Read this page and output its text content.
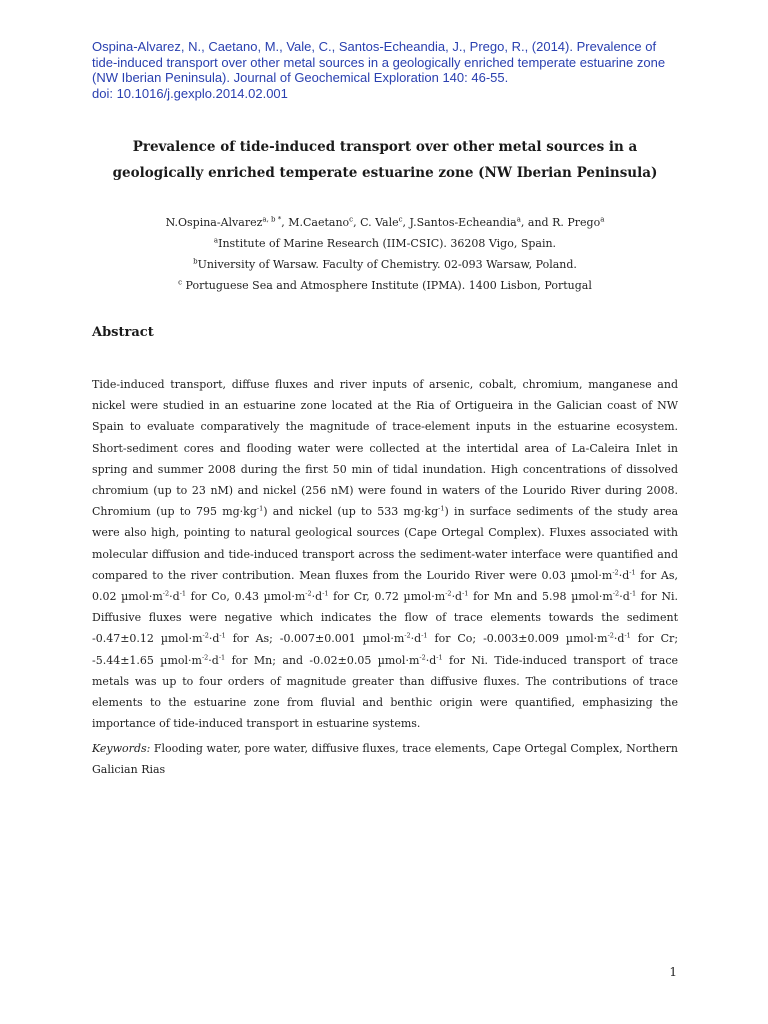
Ospina-Alvarez, N., Caetano, M., Vale, C., Santos-Echeandia, J., Prego, R., (2014). Prevalence of
tide-induced transport over other metal sources in a geologically enriched temperate estuarine zone
(NW Iberian Peninsula). Journal of Geochemical Exploration 140: 46-55.
doi: 10.1016/j.gexplo.2014.02.001
Prevalence of tide-induced transport over other metal sources in a
geologically enriched temperate estuarine zone (NW Iberian Peninsula)
N.Ospina-Alvarez$^{a, b *}$, M.Caetano$^c$, C. Vale$^c$, J.Santos-Echeandia$^a$, and R. Prego$^a$
$^a$Institute of Marine Research (IIM-CSIC). 36208 Vigo, Spain.
$^b$University of Warsaw. Faculty of Chemistry. 02-093 Warsaw, Poland.
$^c$ Portuguese Sea and Atmosphere Institute (IPMA). 1400 Lisbon, Portugal
Abstract
Tide-induced transport, diffuse fluxes and river inputs of arsenic, cobalt, chromium, manganese and nickel were studied in an estuarine zone located at the Ria of Ortigueira in the Galician coast of NW Spain to evaluate comparatively the magnitude of trace-element inputs in the estuarine ecosystem. Short-sediment cores and flooding water were collected at the intertidal area of La-Caleira Inlet in spring and summer 2008 during the first 50 min of tidal inundation. High concentrations of dissolved chromium (up to 23 nM) and nickel (256 nM) were found in waters of the Lourido River during 2008. Chromium (up to 795 $mg\cdot kg^{-1}$) and nickel (up to 533 $mg\cdot kg^{-1}$) in surface sediments of the study area were also high, pointing to natural geological sources (Cape Ortegal Complex). Fluxes associated with molecular diffusion and tide-induced transport across the sediment-water interface were quantified and compared to the river contribution. Mean fluxes from the Lourido River were 0.03 $\mu mol\cdot m^{-2}\cdot d^{-1}$ for As, 0.02 $\mu mol\cdot m^{-2}\cdot d^{-1}$ for Co, 0.43 $\mu mol\cdot m^{-2}\cdot d^{-1}$ for Cr, 0.72 $\mu mol\cdot m^{-2}\cdot d^{-1}$ for Mn and 5.98 $\mu mol\cdot m^{-2}\cdot d^{-1}$ for Ni. Diffusive fluxes were negative which indicates the flow of trace elements towards the sediment -0.47±0.12 $\mu mol\cdot m^{-2}\cdot d^{-1}$ for As; -0.007±0.001 $\mu mol\cdot m^{-2}\cdot d^{-1}$ for Co; -0.003±0.009 $\mu mol\cdot m^{-2}\cdot d^{-1}$ for Cr; -5.44±1.65 $\mu mol\cdot m^{-2}\cdot d^{-1}$ for Mn; and -0.02±0.05 $\mu mol\cdot m^{-2}\cdot d^{-1}$ for Ni. Tide-induced transport of trace metals was up to four orders of magnitude greater than diffusive fluxes. The contributions of trace elements to the estuarine zone from fluvial and benthic origin were quantified, emphasizing the importance of tide-induced transport in estuarine systems.
Keywords: Flooding water, pore water, diffusive fluxes, trace elements, Cape Ortegal Complex, Northern Galician Rias
1
